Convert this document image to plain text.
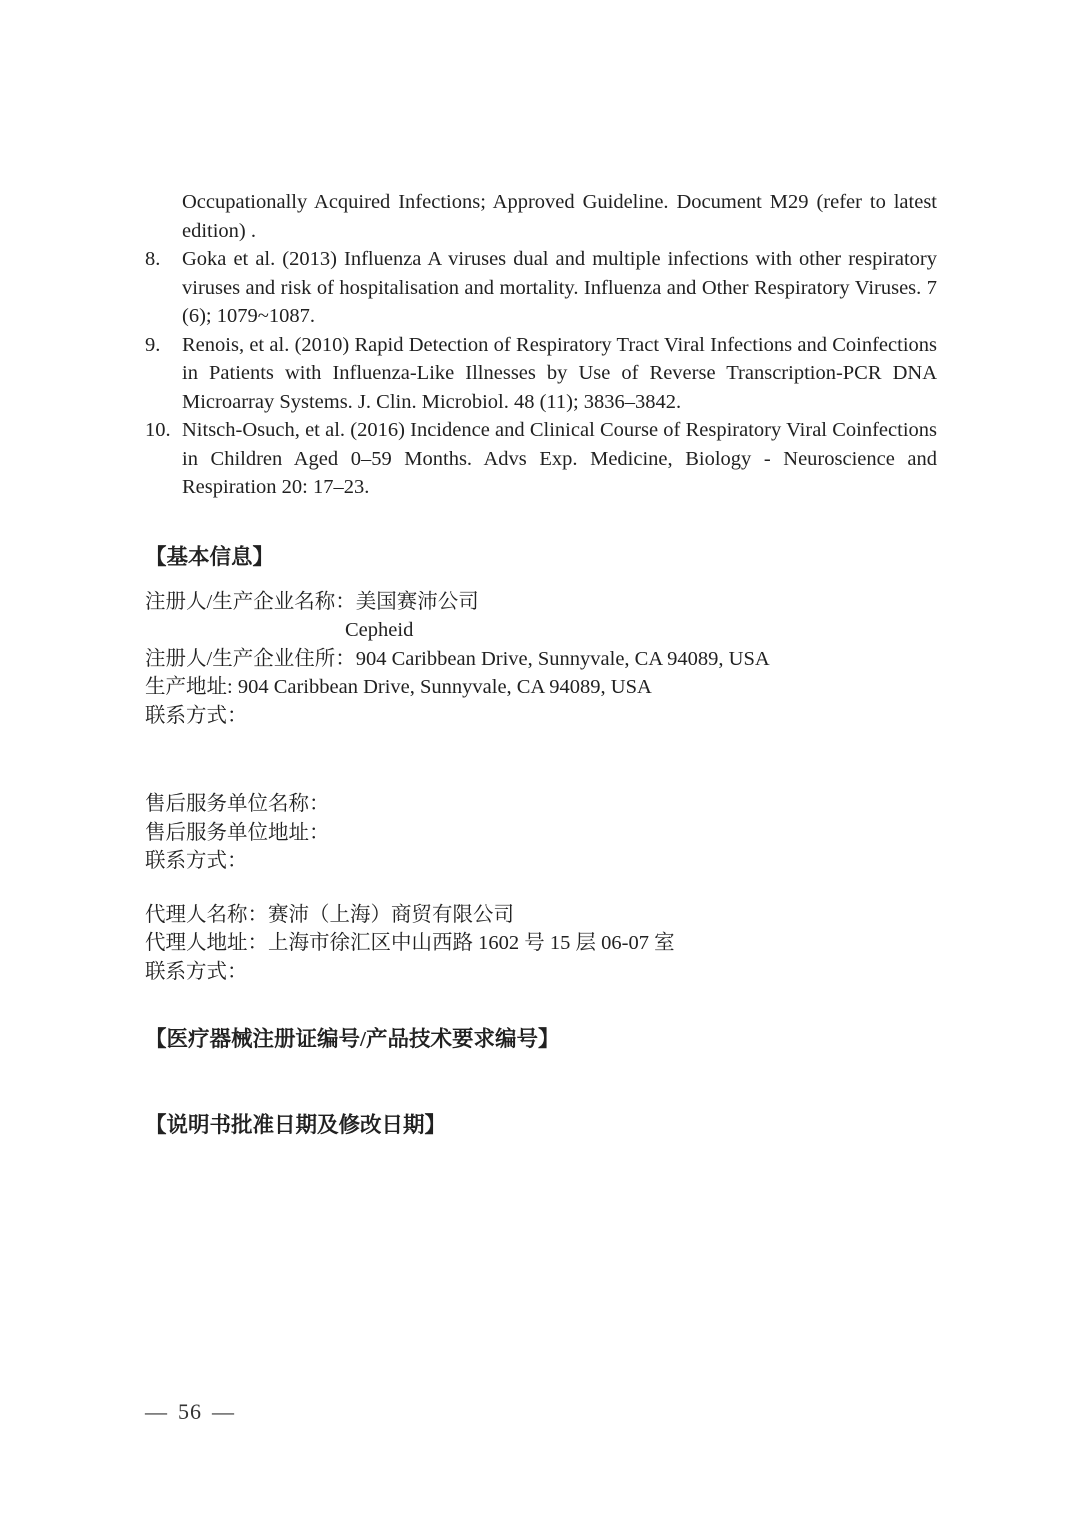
Occupationally Acquired Infections; Approved Guideline. Document M29 (refer to latest edition) .

8.	Goka et al. (2013) Influenza A viruses dual and multiple infections with other respiratory viruses and risk of hospitalisation and mortality. Influenza and Other Respiratory Viruses. 7 (6); 1079~1087.
9.	Renois, et al. (2010) Rapid Detection of Respiratory Tract Viral Infections and Coinfections in Patients with Influenza-Like Illnesses by Use of Reverse Transcription-PCR DNA Microarray Systems. J. Clin. Microbiol. 48 (11); 3836–3842.
10. Nitsch-Osuch, et al. (2016) Incidence and Clinical Course of Respiratory Viral Coinfections in Children Aged 0–59 Months. Advs Exp. Medicine, Biology - Neuroscience and Respiration 20: 17–23.
【基本信息】
注册人/生产企业名称：美国赛沛公司
Cepheid
注册人/生产企业住所：904 Caribbean Drive, Sunnyvale, CA 94089, USA
生产地址: 904 Caribbean Drive, Sunnyvale, CA 94089, USA
联系方式：
售后服务单位名称：
售后服务单位地址：
联系方式：
代理人名称：赛沛（上海）商贸有限公司
代理人地址：上海市徐汇区中山西路 1602 号 15 层 06-07 室
联系方式：
【医疗器械注册证编号/产品技术要求编号】
【说明书批准日期及修改日期】
— 56 —
